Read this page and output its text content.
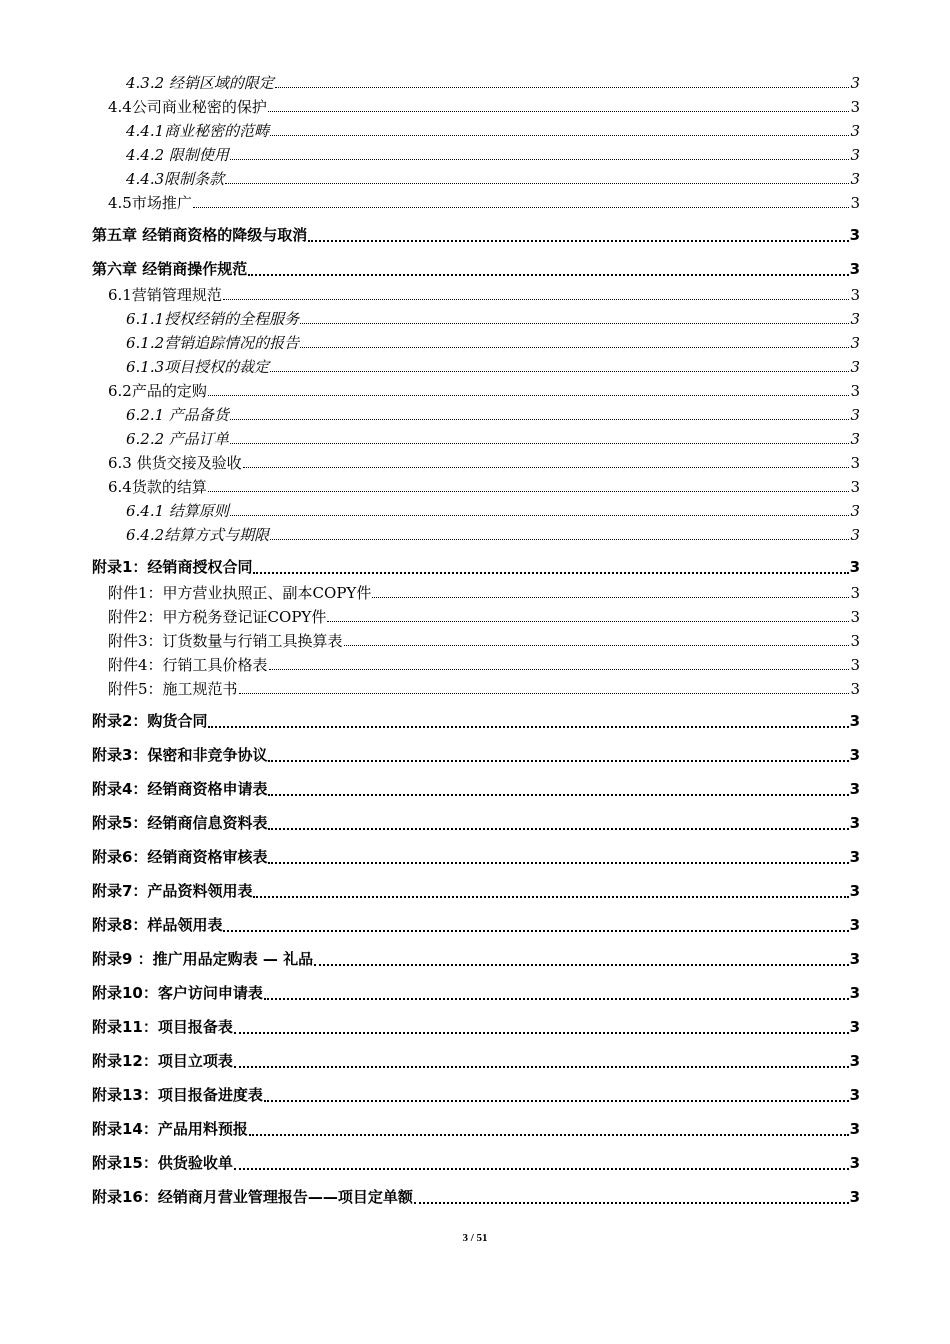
4.3.2 经销区域的限定	3
4.4公司商业秘密的保护	3
4.4.1商业秘密的范畴	3
4.4.2 限制使用	3
4.4.3限制条款	3
4.5市场推广	3
第五章 经销商资格的降级与取消	3
第六章 经销商操作规范	3
6.1营销管理规范	3
6.1.1授权经销的全程服务	3
6.1.2营销追踪情况的报告	3
6.1.3项目授权的裁定	3
6.2产品的定购	3
6.2.1 产品备货	3
6.2.2 产品订单	3
6.3 供货交接及验收	3
6.4货款的结算	3
6.4.1 结算原则	3
6.4.2结算方式与期限	3
附录1：经销商授权合同	3
附件1：甲方营业执照正、副本COPY件	3
附件2：甲方税务登记证COPY件	3
附件3：订货数量与行销工具换算表	3
附件4：行销工具价格表	3
附件5：施工规范书	3
附录2：购货合同	3
附录3：保密和非竞争协议	3
附录4：经销商资格申请表	3
附录5：经销商信息资料表	3
附录6：经销商资格审核表	3
附录7：产品资料领用表	3
附录8：样品领用表	3
附录9 ：推广用品定购表 — 礼品	3
附录10：客户访问申请表	3
附录11：项目报备表	3
附录12：项目立项表	3
附录13：项目报备进度表	3
附录14：产品用料预报	3
附录15：供货验收单	3
附录16：经销商月营业管理报告——项目定单额	3
3 / 51
